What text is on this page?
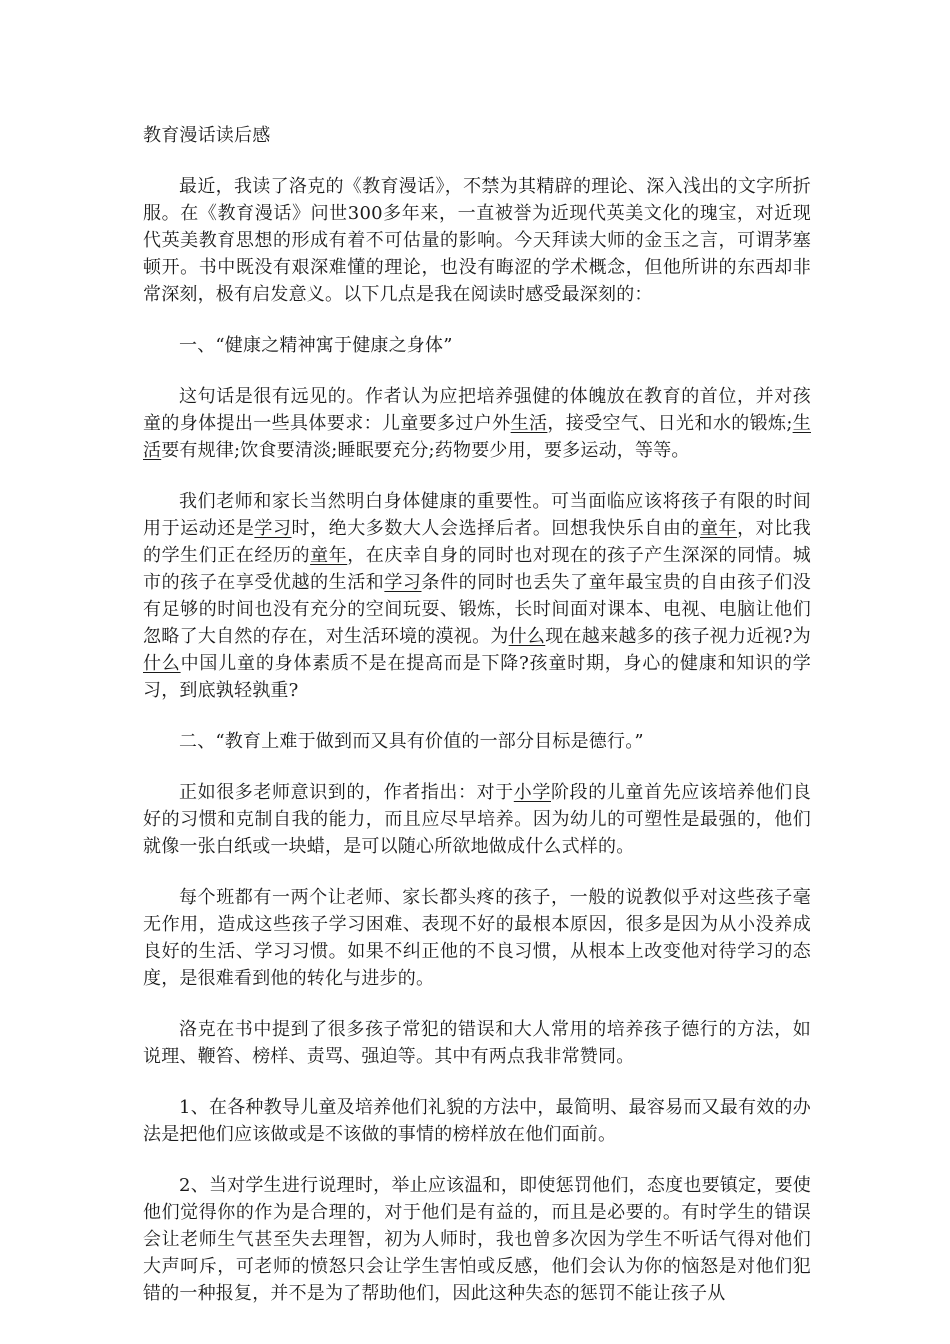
教育漫话读后感

最近，我读了洛克的《教育漫话》，不禁为其精辟的理论、深入浅出的文字所折服。在《教育漫话》问世300多年来，一直被誉为近现代英美文化的瑰宝，对近现代英美教育思想的形成有着不可估量的影响。今天拜读大师的金玉之言，可谓茅塞顿开。书中既没有艰深难懂的理论，也没有晦涩的学术概念，但他所讲的东西却非常深刻，极有启发意义。以下几点是我在阅读时感受最深刻的：

一、“健康之精神寓于健康之身体”

这句话是很有远见的。作者认为应把培养强健的体魄放在教育的首位，并对孩童的身体提出一些具体要求：儿童要多过户外生活，接受空气、日光和水的锻炼;生活要有规律;饮食要清淡;睡眠要充分;药物要少用，要多运动，等等。

我们老师和家长当然明白身体健康的重要性。可当面临应该将孩子有限的时间用于运动还是学习时，绝大多数大人会选择后者。回想我快乐自由的童年，对比我的学生们正在经历的童年，在庆幸自身的同时也对现在的孩子产生深深的同情。城市的孩子在享受优越的生活和学习条件的同时也丢失了童年最宝贵的自由孩子们没有足够的时间也没有充分的空间玩耍、锻炼，长时间面对课本、电视、电脑让他们忽略了大自然的存在，对生活环境的漠视。为什么现在越来越多的孩子视力近视?为什么中国儿童的身体素质不是在提高而是下降?孩童时期，身心的健康和知识的学习，到底孰轻孰重?

二、“教育上难于做到而又具有价值的一部分目标是德行。”

正如很多老师意识到的，作者指出：对于小学阶段的儿童首先应该培养他们良好的习惯和克制自我的能力，而且应尽早培养。因为幼儿的可塑性是最强的，他们就像一张白纸或一块蜡，是可以随心所欲地做成什么式样的。

每个班都有一两个让老师、家长都头疼的孩子，一般的说教似乎对这些孩子毫无作用，造成这些孩子学习困难、表现不好的最根本原因，很多是因为从小没养成良好的生活、学习习惯。如果不纠正他的不良习惯，从根本上改变他对待学习的态度，是很难看到他的转化与进步的。

洛克在书中提到了很多孩子常犯的错误和大人常用的培养孩子德行的方法，如说理、鞭笞、榜样、责骂、强迫等。其中有两点我非常赞同。

1、在各种教导儿童及培养他们礼貌的方法中，最简明、最容易而又最有效的办法是把他们应该做或是不该做的事情的榜样放在他们面前。

2、当对学生进行说理时，举止应该温和，即使惩罚他们，态度也要镇定，要使他们觉得你的作为是合理的，对于他们是有益的，而且是必要的。有时学生的错误会让老师生气甚至失去理智，初为人师时，我也曾多次因为学生不听话气得对他们大声呵斥，可老师的愤怒只会让学生害怕或反感，他们会认为你的恼怒是对他们犯错的一种报复，并不是为了帮助他们，因此这种失态的惩罚不能让孩子从
